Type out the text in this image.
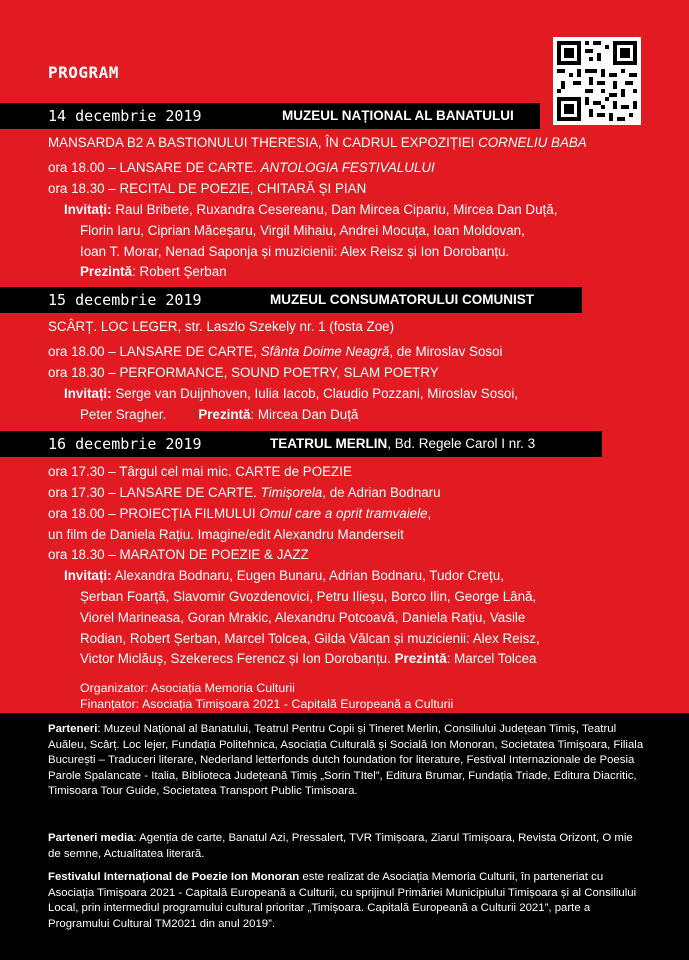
PROGRAM
14 decembrie 2019	MUZEUL NAȚIONAL AL BANATULUI
MANSARDA B2 A BASTIONULUI THERESIA, ÎN CADRUL EXPOZIȚIEI CORNELIU BABA
ora 18.00 – LANSARE DE CARTE. ANTOLOGIA FESTIVALULUI
ora 18.30 – RECITAL DE POEZIE, CHITARĂ ȘI PIAN
Invitați: Raul Bribete, Ruxandra Cesereanu, Dan Mircea Cipariu, Mircea Dan Duță,
Florin Iaru, Ciprian Măceșaru, Virgil Mihaiu, Andrei Mocuța, Ioan Moldovan,
Ioan T. Morar, Nenad Saponja și muzicienii: Alex Reisz și Ion Dorobanțu.
Prezintă: Robert Șerban
15 decembrie 2019	MUZEUL CONSUMATORULUI COMUNIST
SCÂRȚ. LOC LEGER, str. Laszlo Szekely nr. 1 (fosta Zoe)
ora 18.00 – LANSARE DE CARTE, Sfânta Doime Neagră, de Miroslav Sosoi
ora 18.30 – PERFORMANCE, SOUND POETRY, SLAM POETRY
Invitați: Serge van Duijnhoven, Iulia Iacob, Claudio Pozzani, Miroslav Sosoi,
Peter Sragher. Prezintă: Mircea Dan Duță
16 decembrie 2019	TEATRUL MERLIN, Bd. Regele Carol I nr. 3
ora 17.30 – Târgul cel mai mic. CARTE de POEZIE
ora 17.30 – LANSARE DE CARTE. Timișorela, de Adrian Bodnaru
ora 18.00 – PROIECȚIA FILMULUI Omul care a oprit tramvaiele,
un film de Daniela Rațiu. Imagine/edit Alexandru Manderseit
ora 18.30 – MARATON DE POEZIE & JAZZ
Invitați: Alexandra Bodnaru, Eugen Bunaru, Adrian Bodnaru, Tudor Crețu,
Șerban Foarță, Slavomir Gvozdenovici, Petru Ilieșu, Borco Ilin, George Lână,
Viorel Marineasa, Goran Mrakic, Alexandru Potcoavă, Daniela Rațiu, Vasile
Rodian, Robert Șerban, Marcel Tolcea, Gilda Vălcan și muzicienii: Alex Reisz,
Victor Miclăuș, Szekerecs Ferencz și Ion Dorobanțu. Prezintă: Marcel Tolcea
Organizator: Asociația Memoria Culturii
Finanțator: Asociația Timișoara 2021 - Capitală Europeană a Culturii
Parteneri: Muzeul Național al Banatului, Teatrul Pentru Copii și Tineret Merlin, Consiliului Județean Timiș, Teatrul Auăleu, Scârț. Loc lejer, Fundația Politehnica, Asociația Culturală și Socială Ion Monoran, Societatea Timișoara, Filiala București – Traduceri literare, Nederland letterfonds dutch foundation for literature, Festival Internazionale de Poesia Parole Spalancate - Italia, Biblioteca Județeană Timiș „Sorin TItel”, Editura Brumar, Fundația Triade, Editura Diacritic, Timisoara Tour Guide, Societatea Transport Public Timisoara.
Parteneri media: Agenția de carte, Banatul Azi, Pressalert, TVR Timișoara, Ziarul Timișoara, Revista Orizont, O mie de semne, Actualitatea literară.
Festivalul Internațional de Poezie Ion Monoran este realizat de Asociația Memoria Culturii, în parteneriat cu Asociația Timișoara 2021 - Capitală Europeană a Culturii, cu sprijinul Primăriei Municipiului Timișoara și al Consiliului Local, prin intermediul programului cultural prioritar „Timișoara. Capitală Europeană a Culturii 2021”, parte a Programului Cultural TM2021 din anul 2019”.
